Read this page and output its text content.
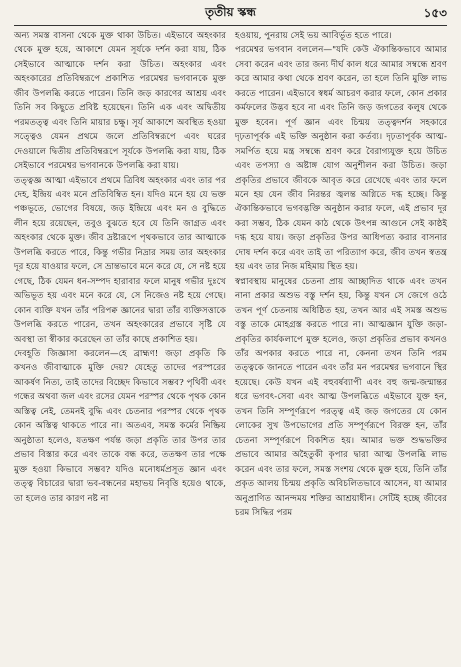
তৃতীয় স্কন্ধ	১৫৩

অন্য সমস্ত বাসনা থেকে মুক্ত থাকা উচিত। এইভাবে অহংকার থেকে মুক্ত হয়ে, আকাশে যেমন সূর্যকে দর্শন করা যায়, ঠিক সেইভাবে আত্মাকে দর্শন করা উচিত। অহংকার এবং অহংকারের প্রতিবিম্বরূপে প্রকাশিত পরমেশ্বর ভগবানকে মুক্ত জীব উপলব্ধি করতে পারেন। তিনি জড় কারণের আশ্রয় এবং তিনি সব কিছুতে প্রবিষ্ট হয়েছেন। তিনি এক এবং অদ্বিতীয় পরমতত্ত্ব এবং তিনি মায়ার চক্ষু। সূর্য আকাশে অবস্থিত হওয়া সত্ত্বেও যেমন প্রথমে জলে প্রতিবিম্বরূপে এবং ঘরের দেওয়ালে দ্বিতীয় প্রতিবিম্বরূপে সূর্যকে উপলব্ধি করা যায়, ঠিক সেইভাবে পরমেশ্বর ভগবানকে উপলব্ধি করা যায়।

তত্ত্বজ্ঞ আত্মা এইভাবে প্রথমে ত্রিবিধ অহংকার এবং তার পর দেহ, ইন্দ্রিয় এবং মনে প্রতিবিম্বিত হন। যদিও মনে হয় যে ভক্ত পঞ্চভূতে, ভোগের বিষয়ে, জড় ইন্দ্রিয়ে এবং মন ও বুদ্ধিতে লীন হয়ে রয়েছেন, তবুও বুঝতে হবে যে তিনি জাগ্রত এবং অহংকার থেকে মুক্ত। জীব দ্রষ্টারূপে পৃথকভাবে তার আত্মাকে উপলব্ধি করতে পারে, কিন্তু গভীর নিদ্রার সময় তার অহংকার দূর হয়ে যাওয়ার ফলে, সে ভ্রান্তভাবে মনে করে যে, সে নষ্ট হয়ে গেছে, ঠিক যেমন ধন-সম্পদ হারাবার ফলে মানুষ গভীর দুঃখে অভিভূত হয় এবং মনে করে যে, সে নিজেও নষ্ট হয়ে গেছে। কোন ব্যক্তি যখন তাঁর পরিপক্ব জ্ঞানের দ্বারা তাঁর ব্যক্তিসত্তাকে উপলব্ধি করতে পারেন, তখন অহংকারের প্রভাবে সৃষ্টি যে অবস্থা তা স্বীকার করেছেন তা তাঁর কাছে প্রকাশিত হয়।

দেবহূতি জিজ্ঞাসা করলেন—হে ব্রাহ্মণ! জড়া প্রকৃতি কি কখনও জীবাত্মাকে মুক্তি দেয়? যেহেতু তাদের পরস্পরের আকর্ষণ নিত্য, তাই তাদের বিচ্ছেদ কিভাবে সম্ভব? পৃথিবী এবং গন্ধের অথবা জল এবং রসের যেমন পরস্পর থেকে পৃথক কোন অস্তিত্ব নেই, তেমনই বুদ্ধি এবং চেতনার পরস্পর থেকে পৃথক কোন অস্তিত্ব থাকতে পারে না। অতএব, সমস্ত কর্মের নিষ্ক্রিয় অনুষ্ঠাতা হলেও, যতক্ষণ পর্যন্ত জড়া প্রকৃতি তার উপর তার প্রভাব বিস্তার করে এবং তাকে বন্ধ করে, ততক্ষণ তার পক্ষে মুক্ত হওয়া কিভাবে সম্ভব? যদিও মনোধর্মপ্রসূত জ্ঞান এবং তত্ত্ব বিচারের দ্বারা ভব-বন্ধনের মহাভয় নিবৃত্তি হয়েও থাকে, তা হলেও তার কারণ নষ্ট না

হওয়ায়, পুনরায় সেই ভয় আবির্ভূত হতে পারে।

পরমেশ্বর ভগবান বললেন—"যদি কেউ ঐকান্তিকভাবে আমার সেবা করেন এবং তার জন্য দীর্ঘ কাল ধরে আমার সম্বন্ধে শ্রবণ করে আমার কথা থেকে শ্রবণ করেন, তা হলে তিনি মুক্তি লাভ করতে পারেন। এইভাবে স্বধর্ম আচরণ করার ফলে, কোন প্রকার কর্মফলের উদ্ভব হবে না এবং তিনি জড় জগতের কলুষ থেকে মুক্ত হবেন। পূর্ণ জ্ঞান এবং চিন্ময় তত্ত্বদর্শন সহকারে দৃঢ়তাপূর্বক এই ভক্তি অনুষ্ঠান করা কর্তব্য। দৃঢ়তাপূর্বক আত্ম-সমর্পিত হয়ে মন্ত্র সম্বন্ধে শ্রবণ করে বৈরাগ্যযুক্ত হয়ে উচিত এবং তপস্যা ও অষ্টাঙ্গ যোগ অনুশীলন করা উচিত। জড়া প্রকৃতির প্রভাবে জীবকে আবৃত করে রেখেছে এবং তার ফলে মনে হয় যেন জীব নিরন্তর জ্বলন্ত অগ্নিতে দগ্ধ হচ্ছে। কিন্তু ঐকান্তিকভাবে ভগবদ্ভক্তি অনুষ্ঠান করার ফলে, এই প্রভাব দূর করা সম্ভব, ঠিক যেমন কাঠ থেকে উৎপন্ন আগুনে সেই কাষ্ঠই দগ্ধ হয়ে যায়। জড়া প্রকৃতির উপর আধিপত্য করার বাসনার দোষ দর্শন করে এবং তাই তা পরিত্যাগ করে, জীব তখন স্বতন্ত্র হয় এবং তার নিজ মহিমায় স্থিত হয়।

স্বপ্নাবস্থায় মানুষের চেতনা প্রায় আচ্ছাদিত থাকে এবং তখন নানা প্রকার অশুভ বস্তু দর্শন হয়, কিন্তু যখন সে জেগে ওঠে তখন পূর্ণ চেতনায় অধিষ্ঠিত হয়, তখন আর এই সমস্ত অশুভ বস্তু তাকে মোহগ্রস্ত করতে পারে না। আত্মজ্ঞান যুক্তি জড়া-প্রকৃতির কার্যকলাপে মুক্ত হলেও, জড়া প্রকৃতির প্রভাব কখনও তাঁর অপকার করতে পারে না, কেননা তখন তিনি পরম তত্ত্বকে জানতে পারেন এবং তাঁর মন পরমেশ্বর ভগবানে স্থির হয়েছে। কেউ যখন এই বহুবর্ষব্যাপী এবং বহু জন্ম-জন্মান্তর ধরে ভগবৎ-সেবা এবং আত্ম উপলব্ধিতে এইভাবে যুক্ত হন, তখন তিনি সম্পূর্ণরূপে পরত্ত্ব এই জড় জগতের যে কোন লোকের সুখ উপভোগের প্রতি সম্পূর্ণরূপে বিরক্ত হন, তাঁর চেতনা সম্পূর্ণরূপে বিকশিত হয়। আমার ভক্ত শুদ্ধভক্তির প্রভাবে আমার অহৈতুকী কৃপার দ্বারা আত্ম উপলব্ধি লাভ করেন এবং তার ফলে, সমস্ত সংশয় থেকে মুক্ত হয়ে, তিনি তাঁর প্রকৃত আলয় চিন্ময় প্রকৃতি অবিচলিতভাবে আসেন, যা আমার অনুপ্রাণিত আনন্দময় শক্তির আশ্রয়াধীন। সেটিই হচ্ছে জীবের চরম সিদ্ধির পরম
